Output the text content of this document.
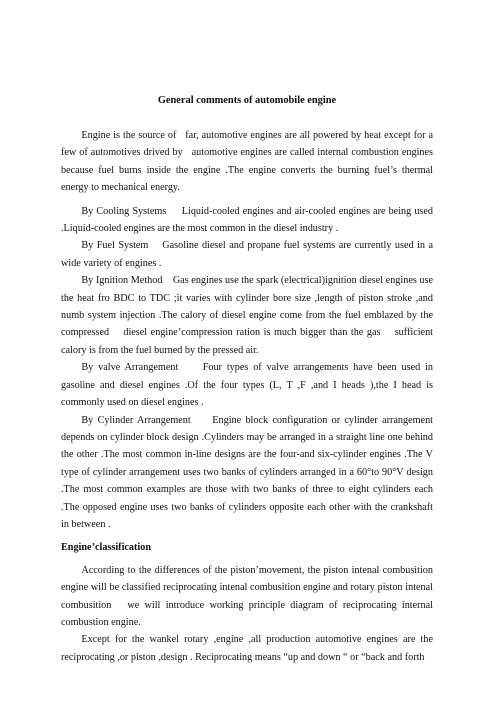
General comments of automobile engine

Engine is the source of   far, automotive engines are all powered by heat except for a few of automotives drived by   automotive engines are called internal combustion engines because fuel burns inside the engine .The engine converts the burning fuel’s thermal energy to mechanical energy.

By Cooling Systems     Liquid-cooled engines and air-cooled engines are being used .Liquid-cooled engines are the most common in the diesel industry .

By Fuel System    Gasoline diesel and propane fuel systems are currently used in a wide variety of engines .

By Ignition Method    Gas engines use the spark (electrical)ignition diesel engines use the heat fro BDC to TDC ;it varies with cylinder bore size ,length of piston stroke ,and numb system injection .The calory of diesel engine come from the fuel emblazed by the compressed    diesel engine’compression ration is much bigger than the gas    sufficient calory is from the fuel burned by the pressed air.

By valve Arrangement     Four types of valve arrangements have been used in gasoline and diesel engines .Of the four types (L, T ,F ,and I heads ),the I head is commonly used on diesel engines .

By Cylinder Arrangement     Engine block configuration or cylinder arrangement depends on cylinder block design .Cylinders may be arranged in a straight line one behind the other .The most common in-line designs are the four-and six-cylinder engines .The V type of cylinder arrangement uses two banks of cylinders arranged in a 60°to 90°V design .The most common examples are those with two banks of three to eight cylinders each .The opposed engine uses two banks of cylinders opposite each other with the crankshaft in between .

Engine’classification

According to the differences of the piston’movement, the piston intenal combusition engine will be classified reciprocating intenal combusition engine and rotary piston intenal combusition   we will introduce working principle diagram of reciprocating internal combustion engine.

Except for the wankel rotary ,engine ,all production automotive engines are the reciprocating ,or piston ,design . Reciprocating means “up and down “ or “back and forth
